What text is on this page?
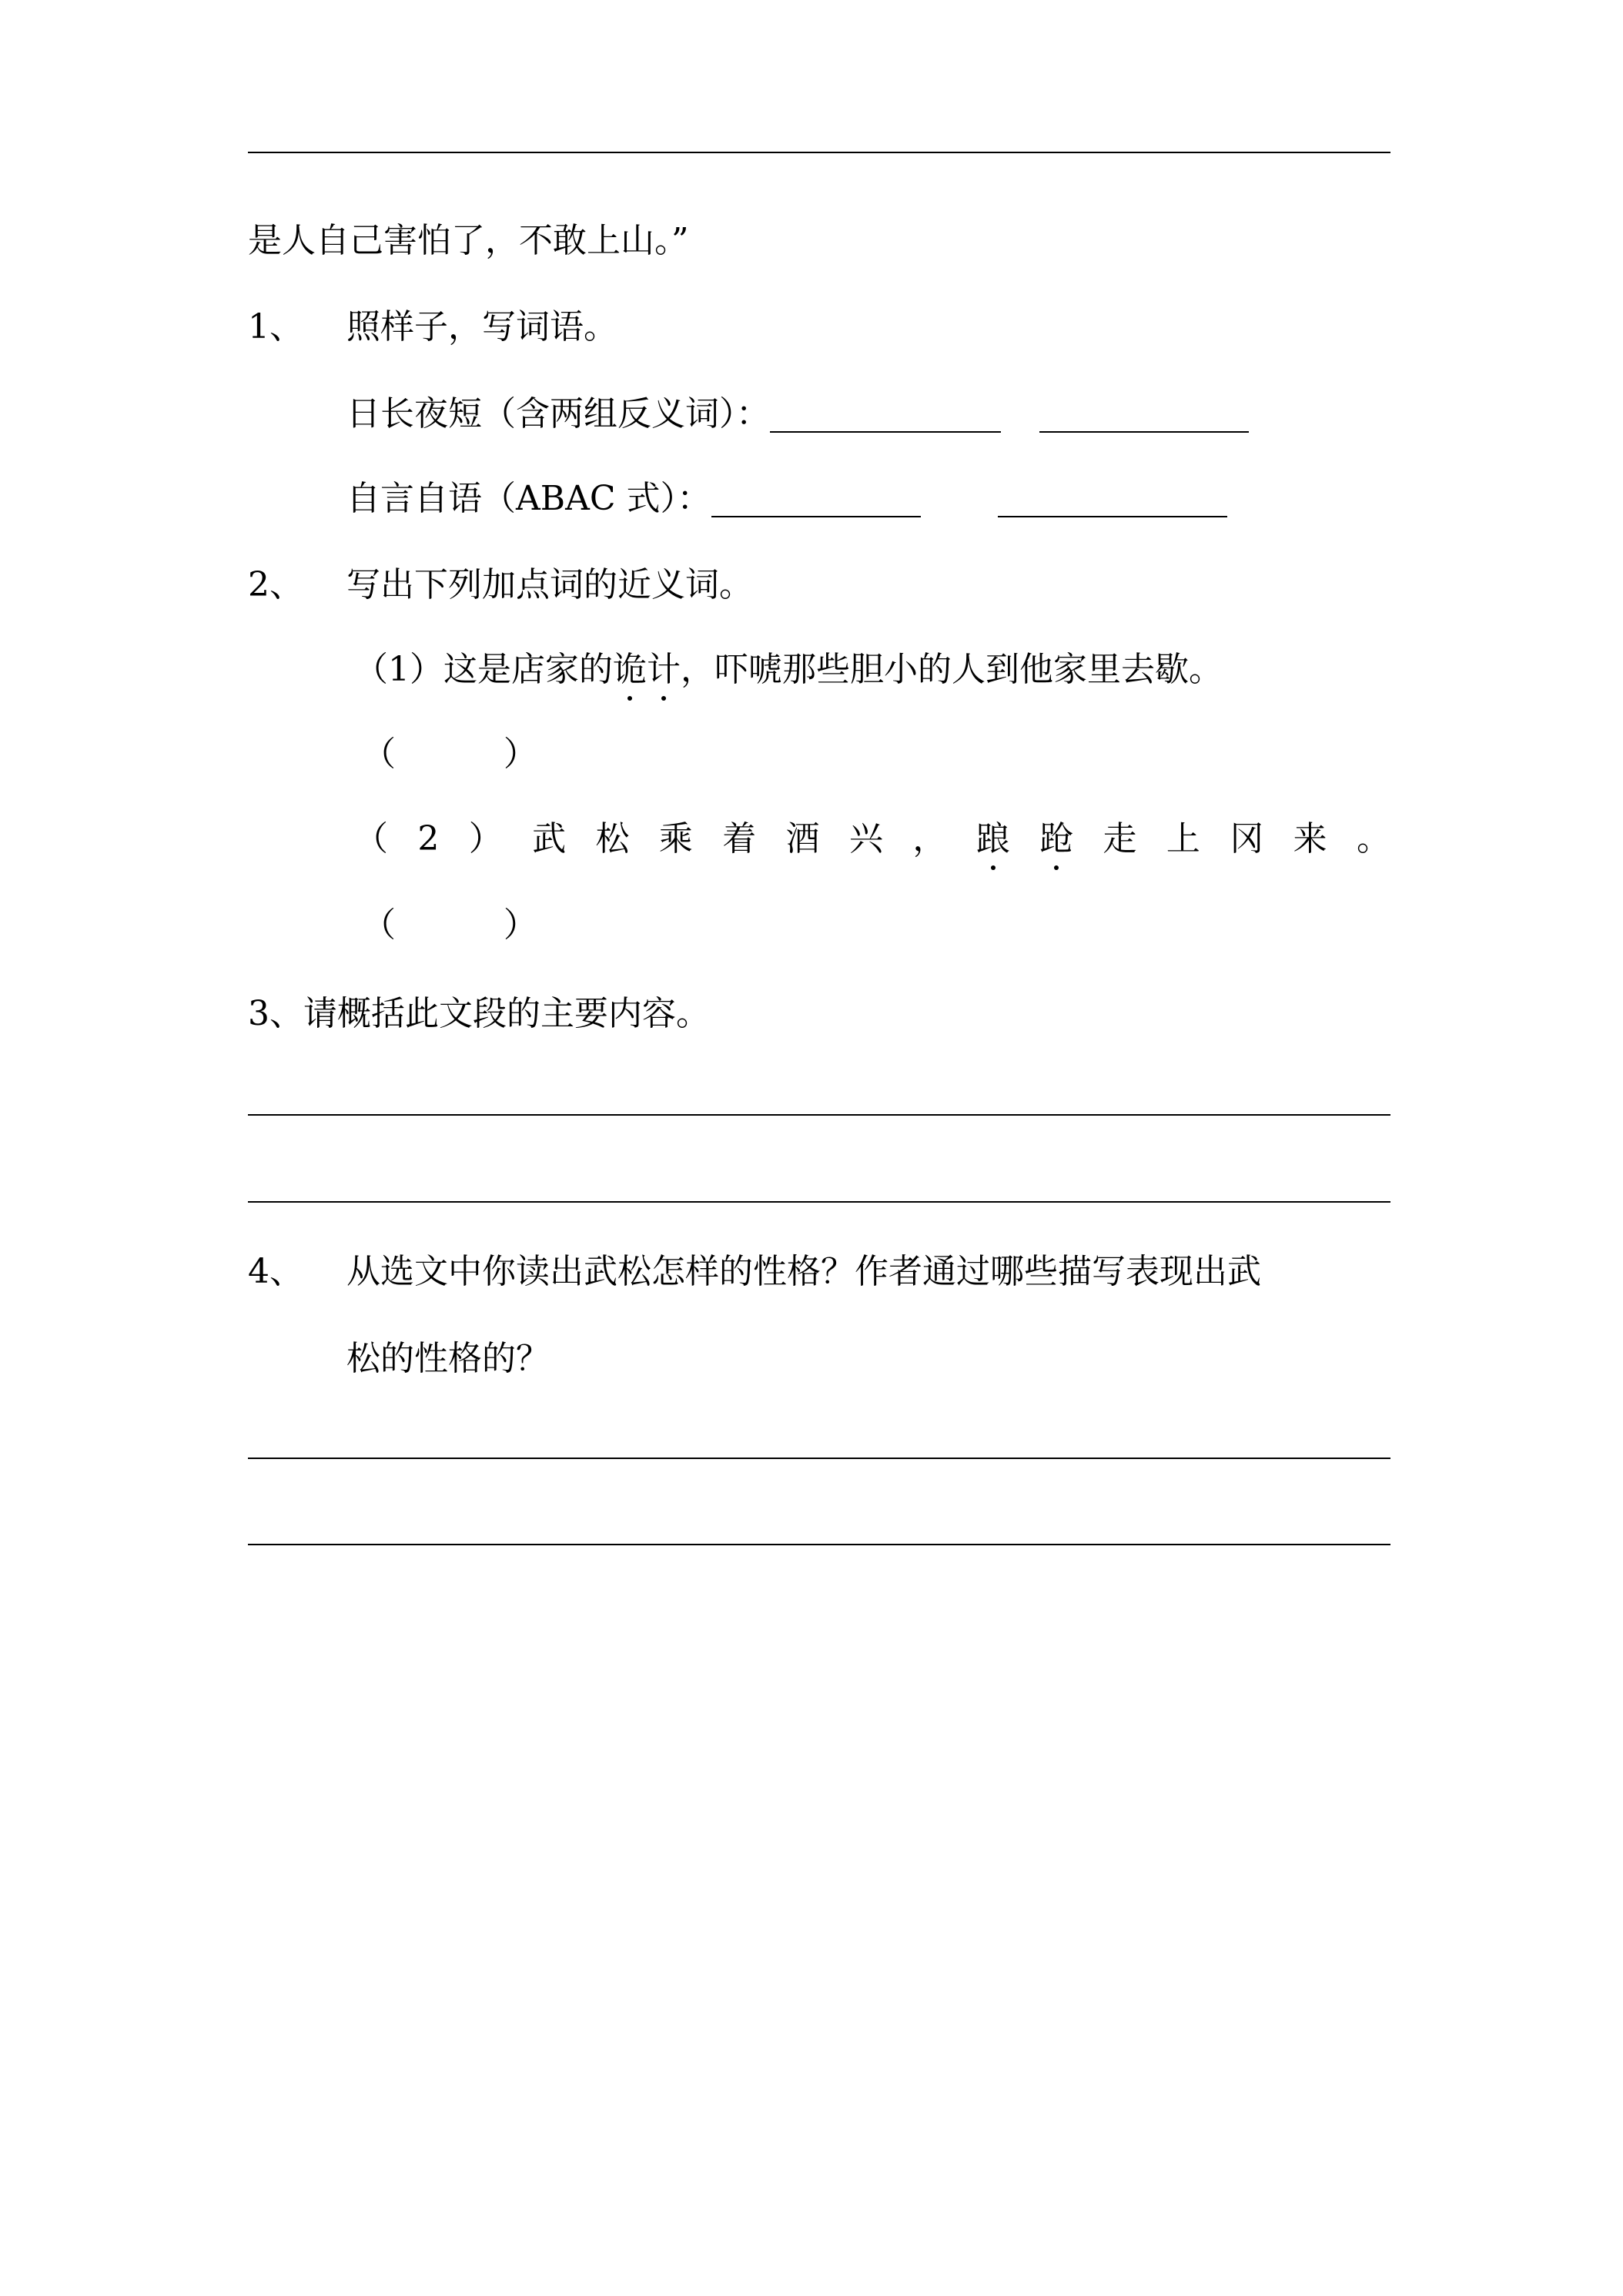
是人自己害怕了，不敢上山。”
1、 照样子，写词语。
日长夜短（含两组反义词）：
自言自语（ABAC 式）：
2、 写出下列加点词的近义词。
（1）这是店家的诡计，吓唬那些胆小的人到他家里去歇。
（          ）
（ 2 ） 武 松 乘 着 酒 兴 ， 踉 跄 走 上 冈 来 。
（          ）
3、请概括此文段的主要内容。
4、 从选文中你读出武松怎样的性格？作者通过哪些描写表现出武
松的性格的？
